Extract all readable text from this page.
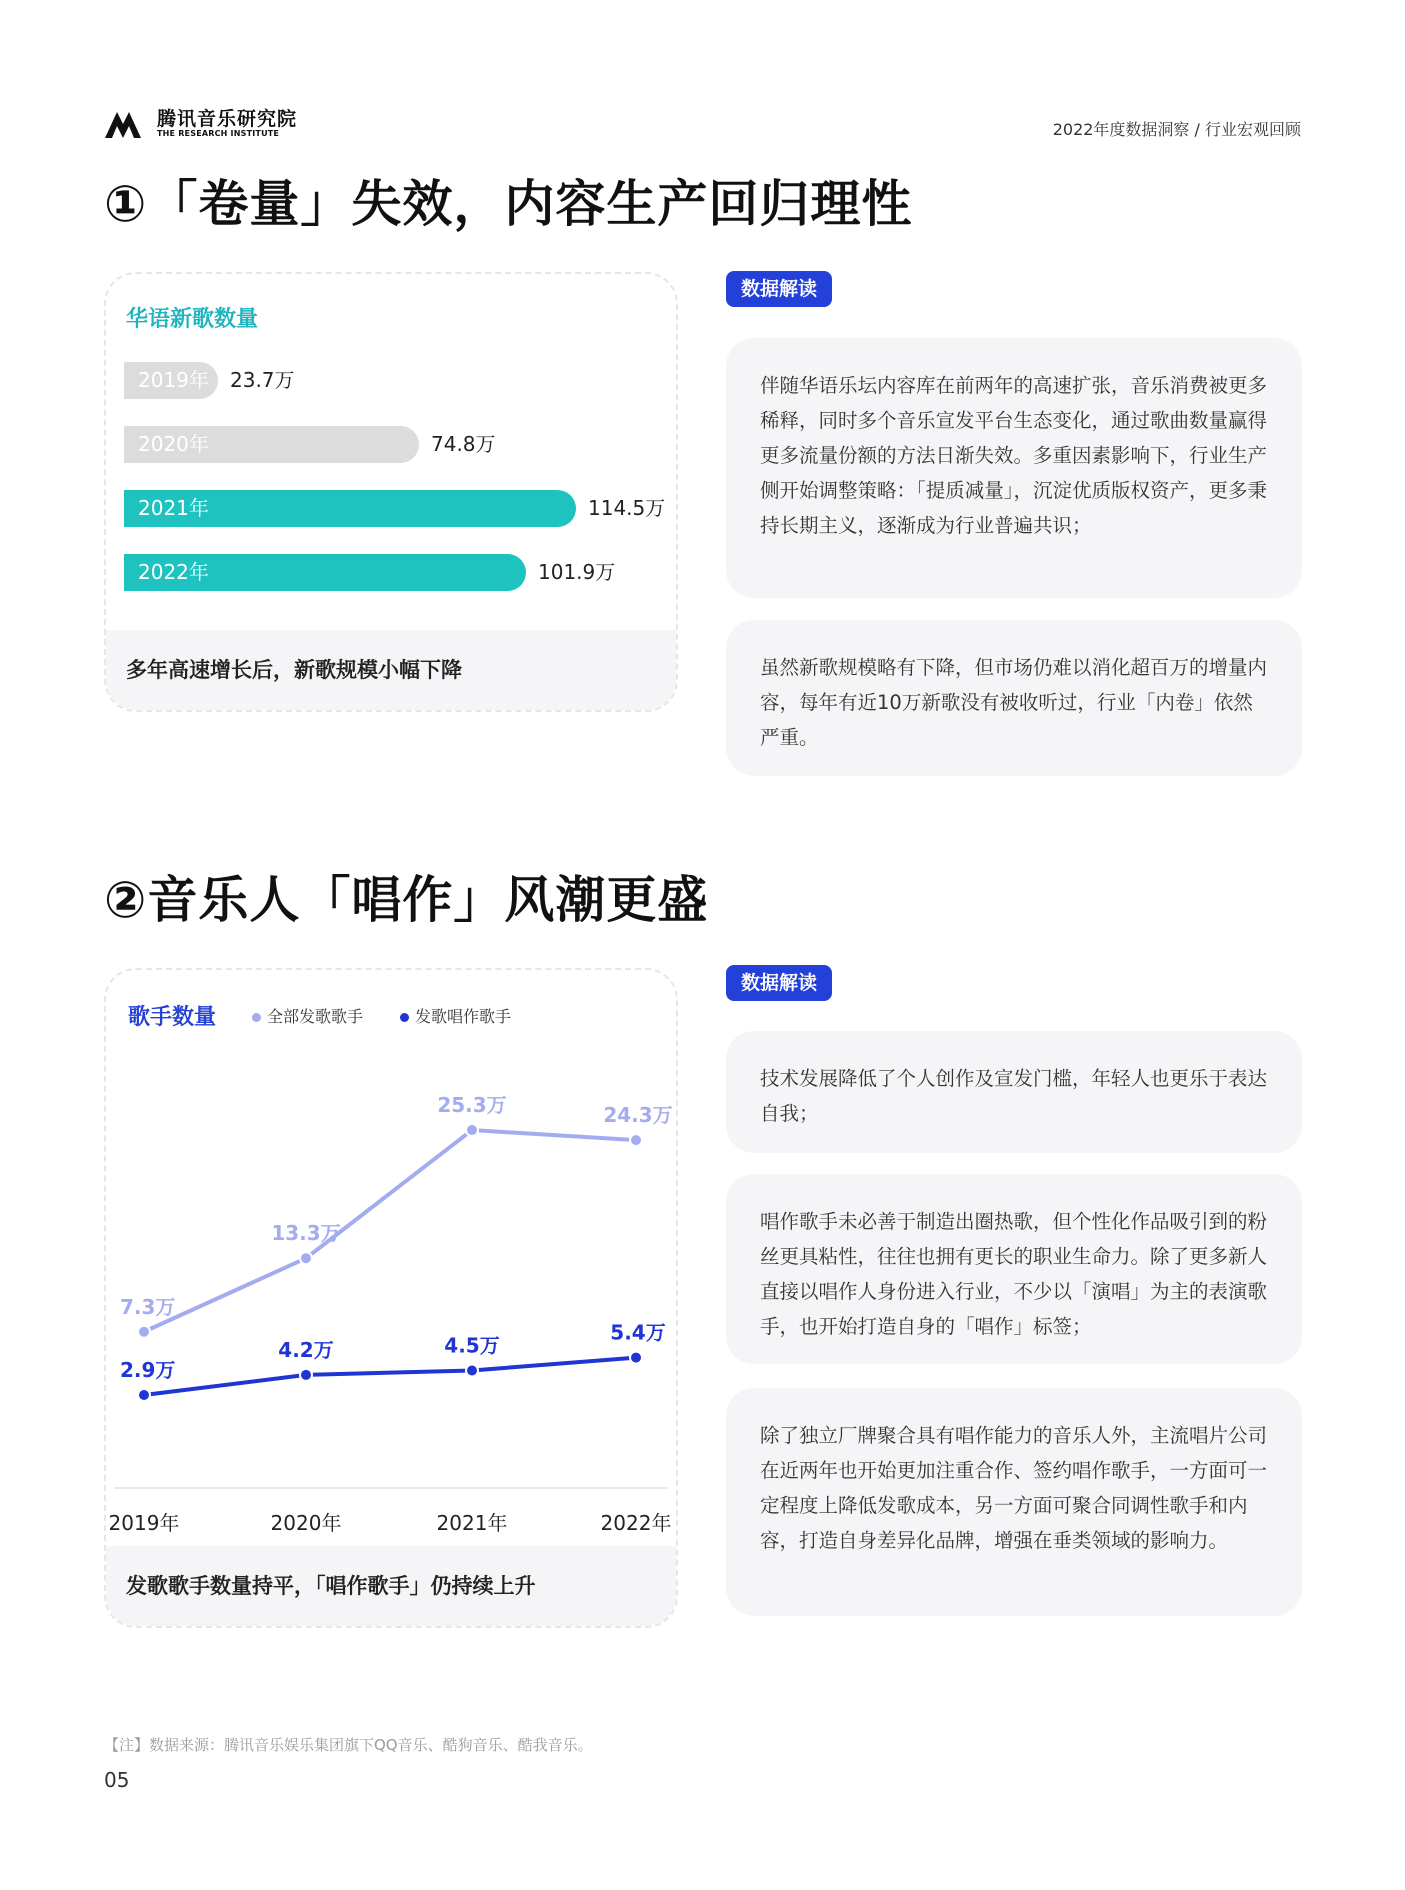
腾讯音乐研究院
THE RESEARCH INSTITUTE	2022年度数据洞察 / 行业宏观回顾
①「卷量」失效，内容生产回归理性
华语新歌数量
2019年 23.7万
2020年	74.8万
2021年	114.5万
2022年	101.9万
多年高速增长后，新歌规模小幅下降
数据解读
伴随华语乐坛内容库在前两年的高速扩张，音乐消费被更多稀释，同时多个音乐宣发平台生态变化，通过歌曲数量赢得更多流量份额的方法日渐失效。多重因素影响下，行业生产侧开始调整策略：「提质减量」，沉淀优质版权资产，更多秉持长期主义，逐渐成为行业普遍共识；
虽然新歌规模略有下降，但市场仍难以消化超百万的增量内容，每年有近10万新歌没有被收听过，行业「内卷」依然严重。
②音乐人「唱作」风潮更盛
歌手数量	全部发歌歌手	发歌唱作歌手
7.3万
13.3万
25.3万	24.3万
2.9万
4.2万	4.5万
5.4万
2019年	2020年	2021年	2022年
发歌歌手数量持平，「唱作歌手」仍持续上升
数据解读
技术发展降低了个人创作及宣发门槛，年轻人也更乐于表达自我；
唱作歌手未必善于制造出圈热歌，但个性化作品吸引到的粉丝更具粘性，往往也拥有更长的职业生命力。除了更多新人直接以唱作人身份进入行业，不少以「演唱」为主的表演歌手，也开始打造自身的「唱作」标签；
除了独立厂牌聚合具有唱作能力的音乐人外，主流唱片公司在近两年也开始更加注重合作、签约唱作歌手，一方面可一定程度上降低发歌成本，另一方面可聚合同调性歌手和内容，打造自身差异化品牌，增强在垂类领域的影响力。
【注】数据来源：腾讯音乐娱乐集团旗下QQ音乐、酷狗音乐、酷我音乐。
05
